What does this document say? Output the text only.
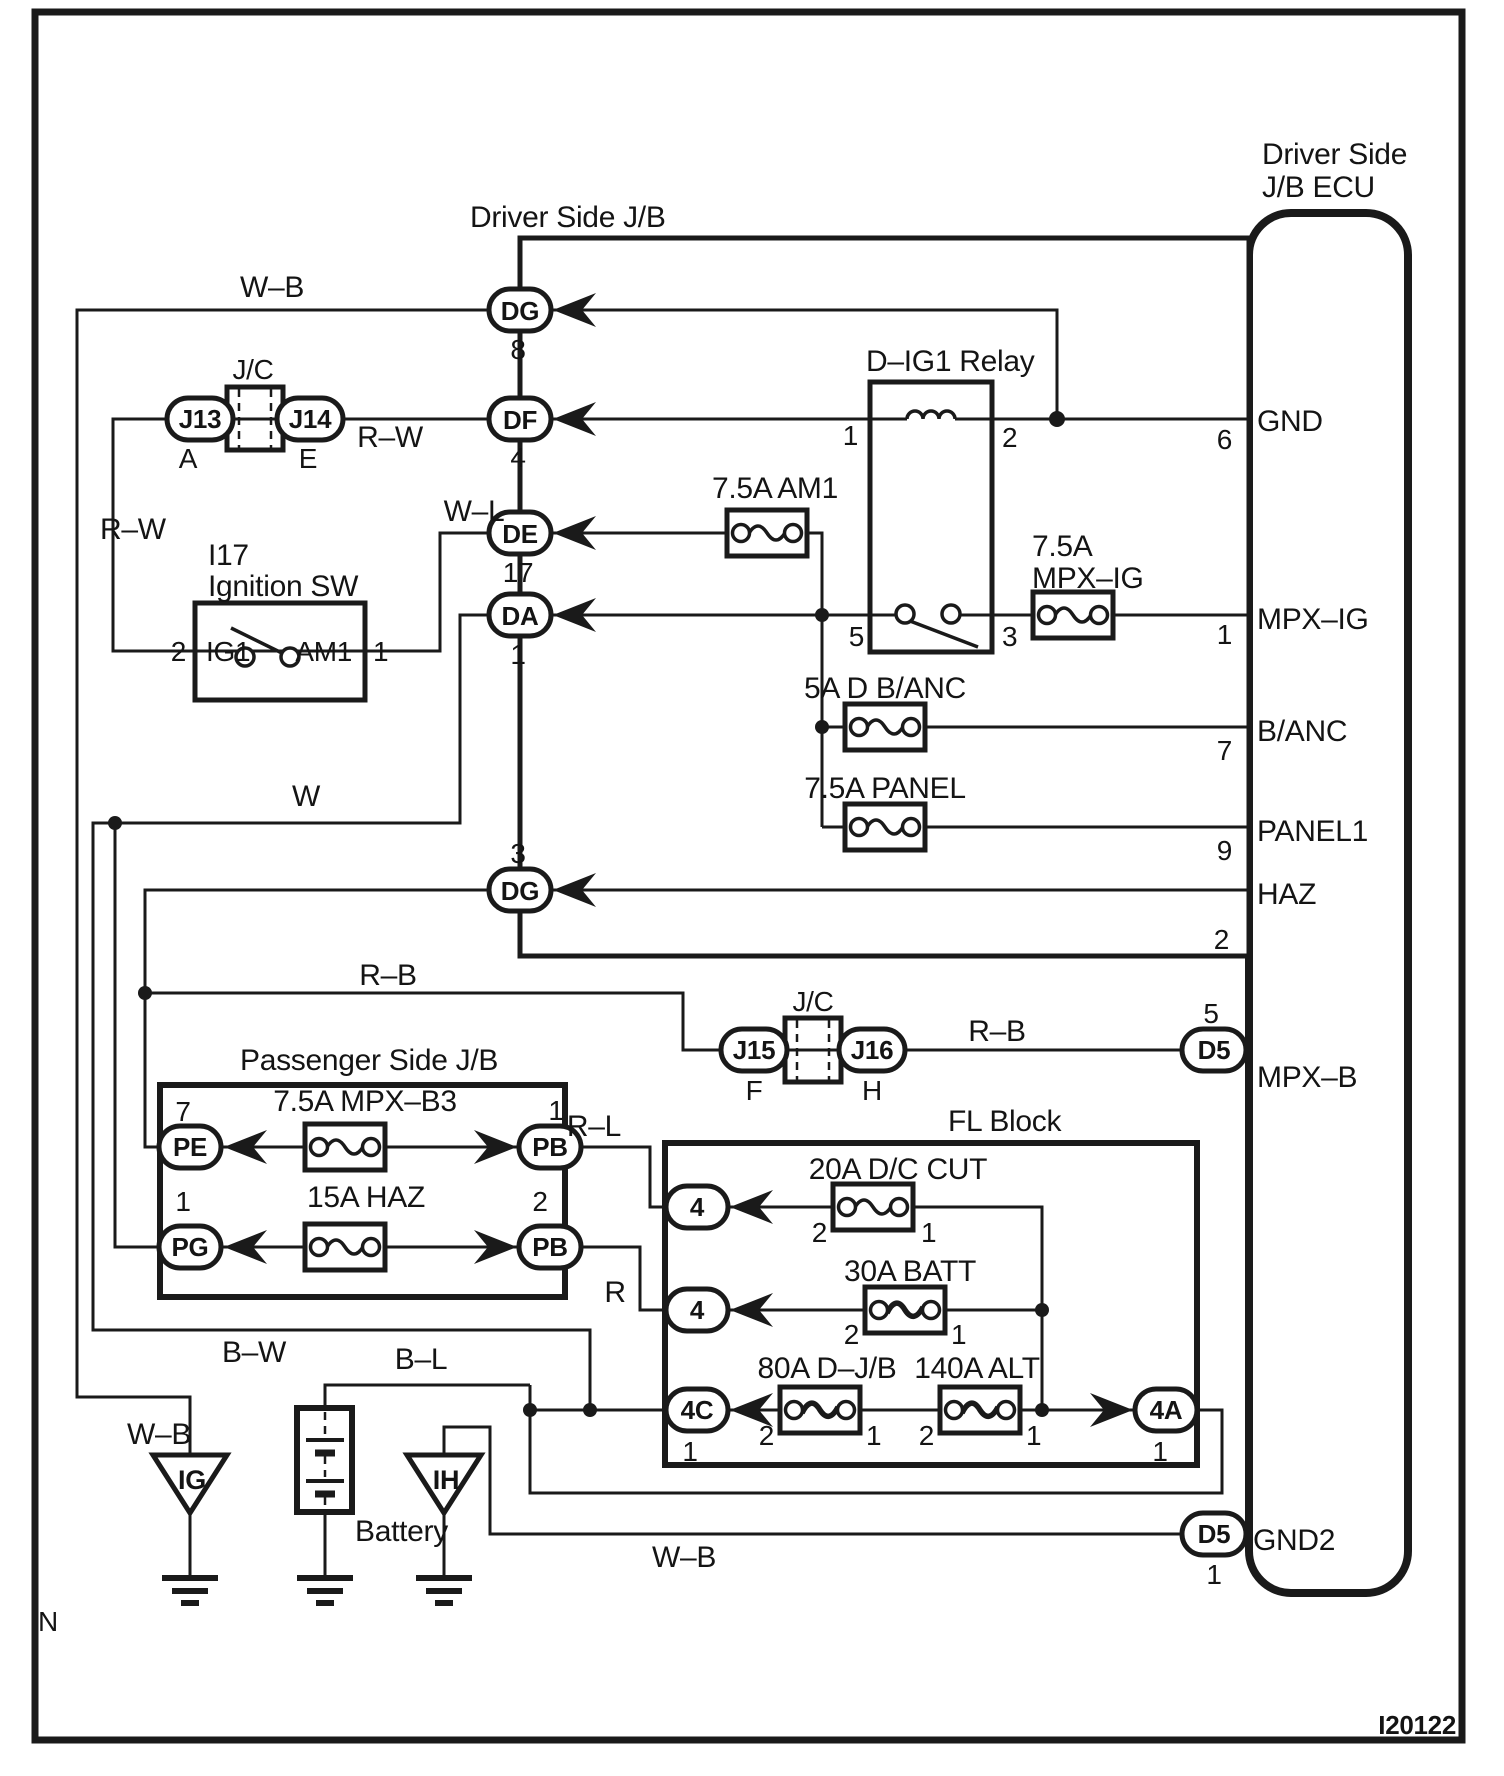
Driver Side
J/B ECU
GND
6
MPX–IG
1
B/ANC
7
PANEL1
9
HAZ
2
MPX–B
5
GND2
1
D5
D5
Driver Side J/B
DG
8
DF
4
DE
17
DA
1
DG
3
D–IG1 Relay
1	2
5	3
I17
Ignition SW
IG1 AM1
2	1
J/C
J13
A
J14
E
J/C
J15
F
J16
H
7.5A AM1
7.5A
MPX–IG
5A D B/ANC
7.5A PANEL
7.5A MPX–B3
15A HAZ
20A D/C CUT
30A BATT
80A D–J/B 140A ALT
Passenger Side J/B
PE
7
PB
1
PG
1
PB
2
FL Block
4
4
4C
1
4A
1
2	1
2	1
2	1 2	1
Battery
IG	IH
W–B
R–W
R–W
W–L
W
R–B
R–B
R–L
R
B–W	B–L
W–B
W–B
N
I20122
